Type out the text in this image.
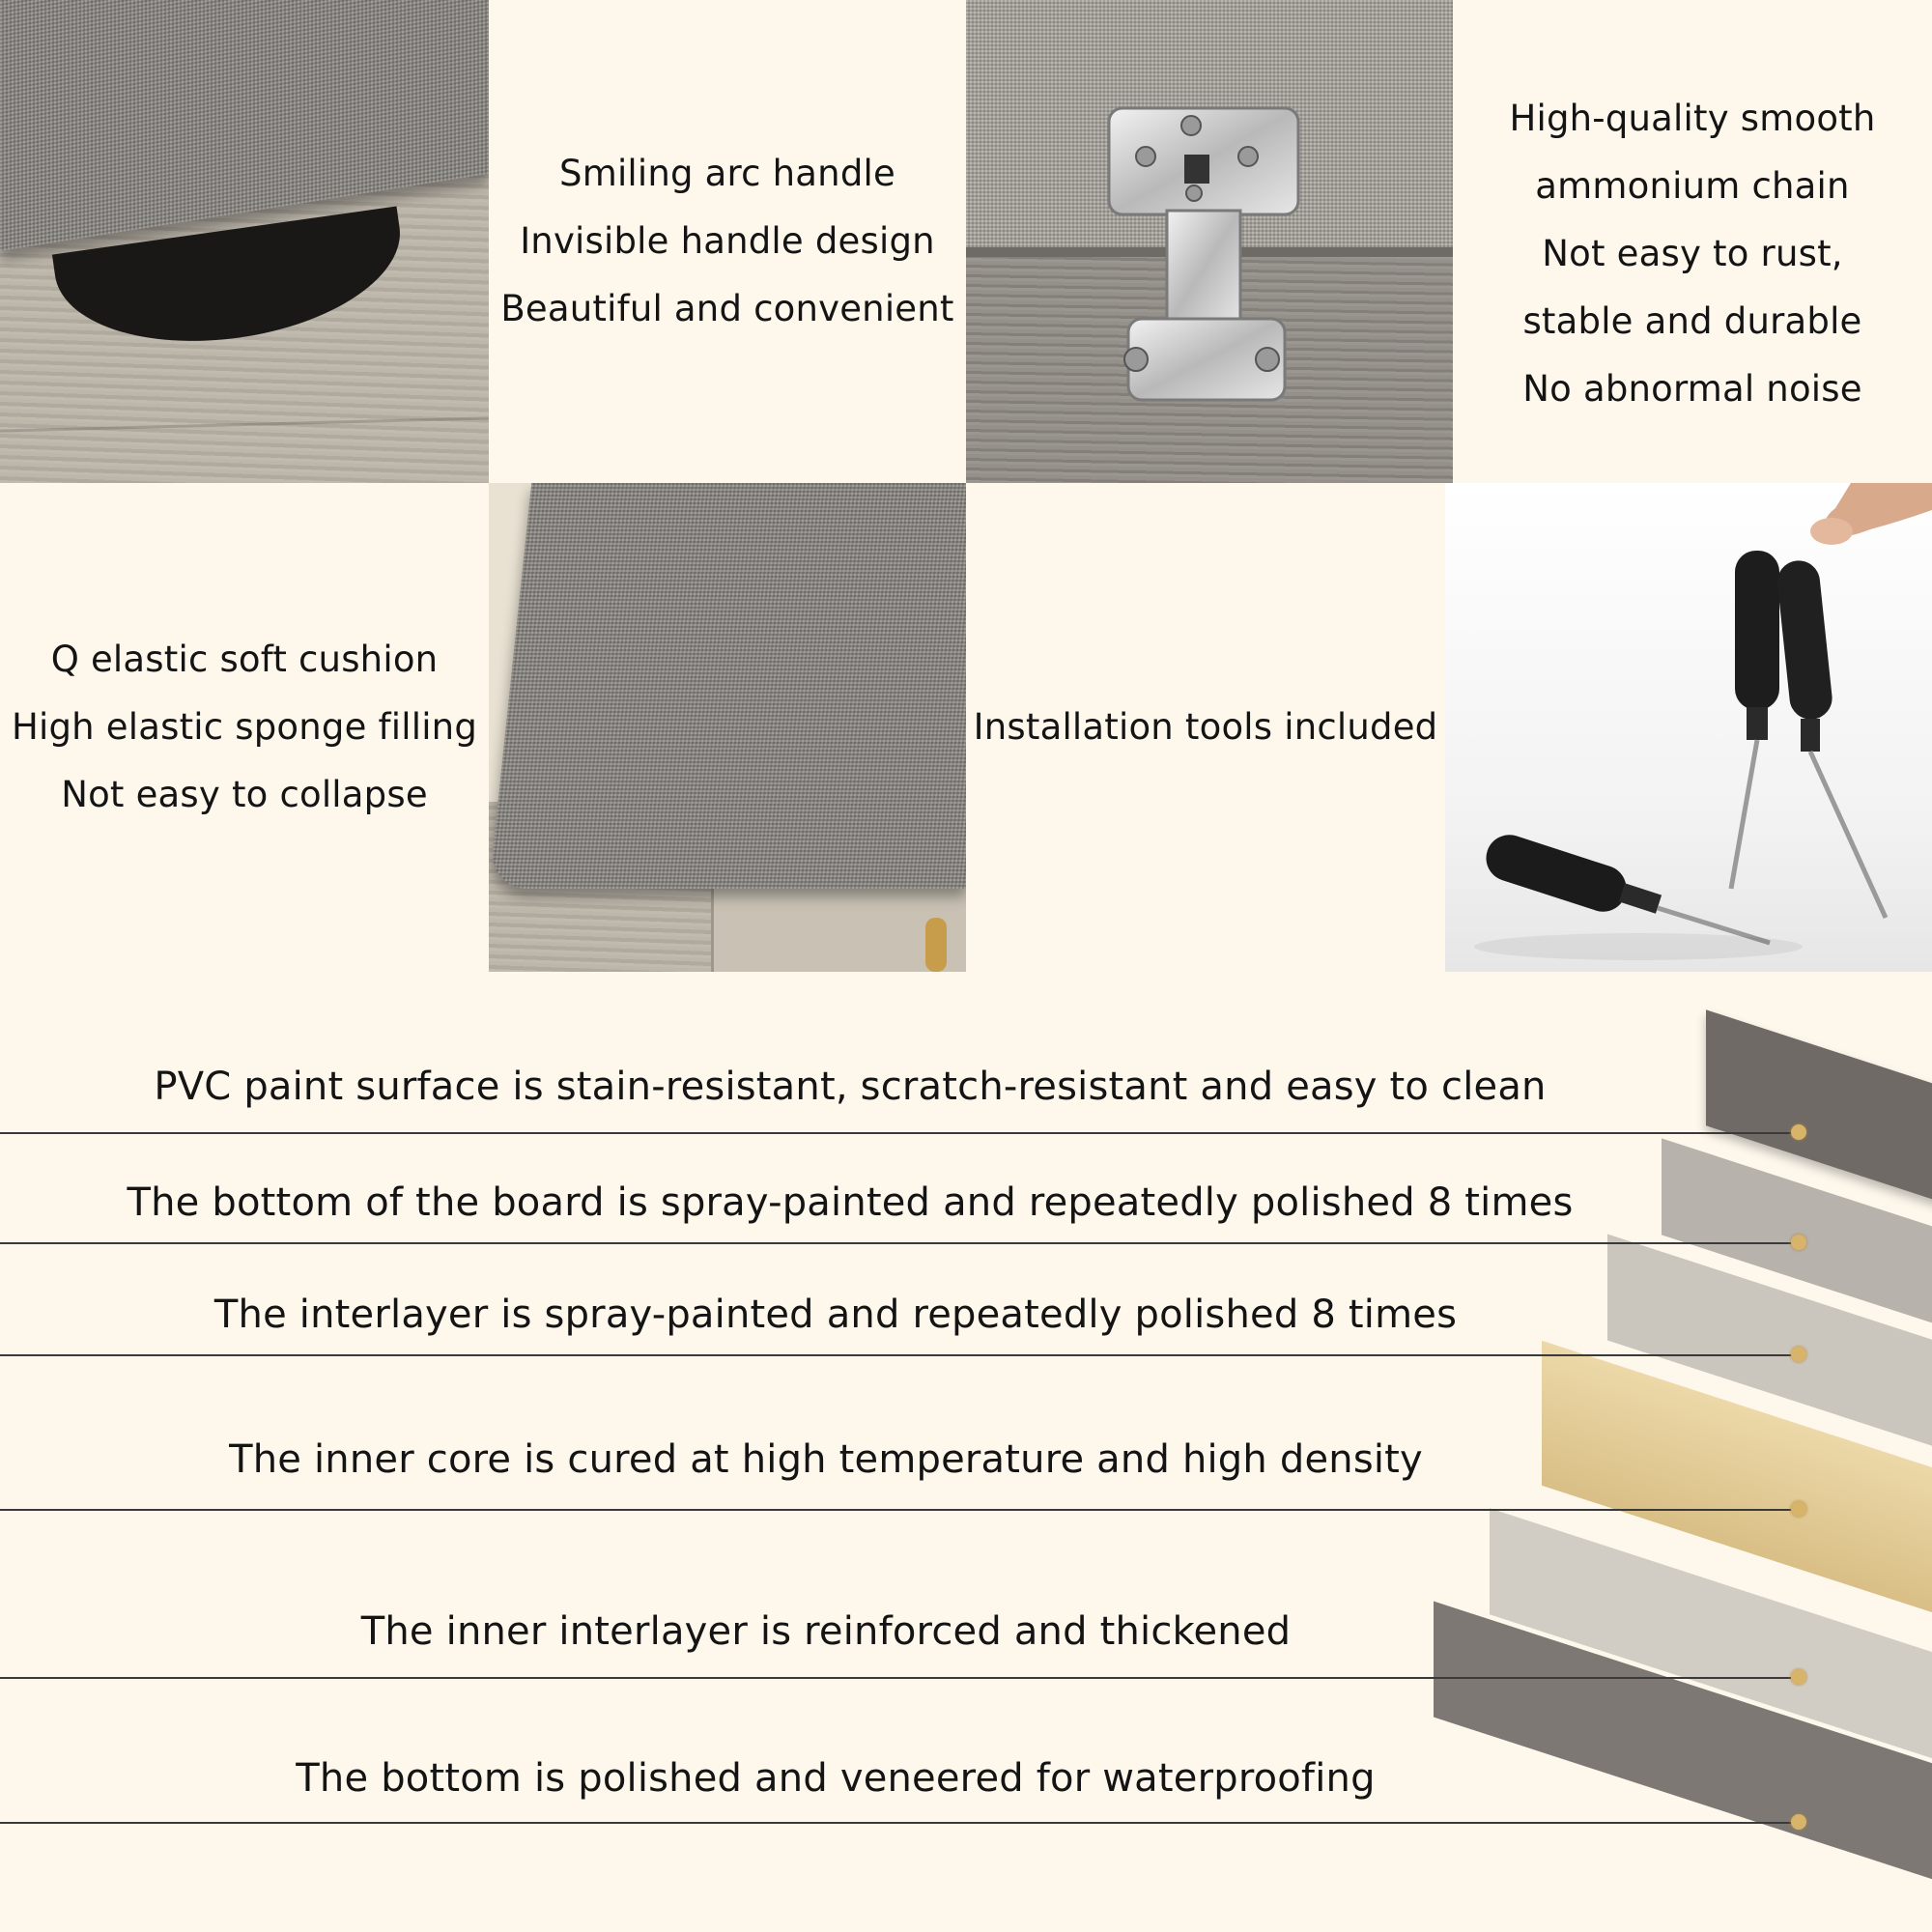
Smiling arc handle
Invisible handle design
Beautiful and convenient
High-quality smooth
ammonium chain
Not easy to rust,
stable and durable
No abnormal noise
Q elastic soft cushion
High elastic sponge filling
Not easy to collapse
Installation tools included
PVC paint surface is stain-resistant, scratch-resistant and easy to clean
The bottom of the board is spray-painted and repeatedly polished 8 times
The interlayer is spray-painted and repeatedly polished 8 times
The inner core is cured at high temperature and high density
The inner interlayer is reinforced and thickened
The bottom is polished and veneered for waterproofing
